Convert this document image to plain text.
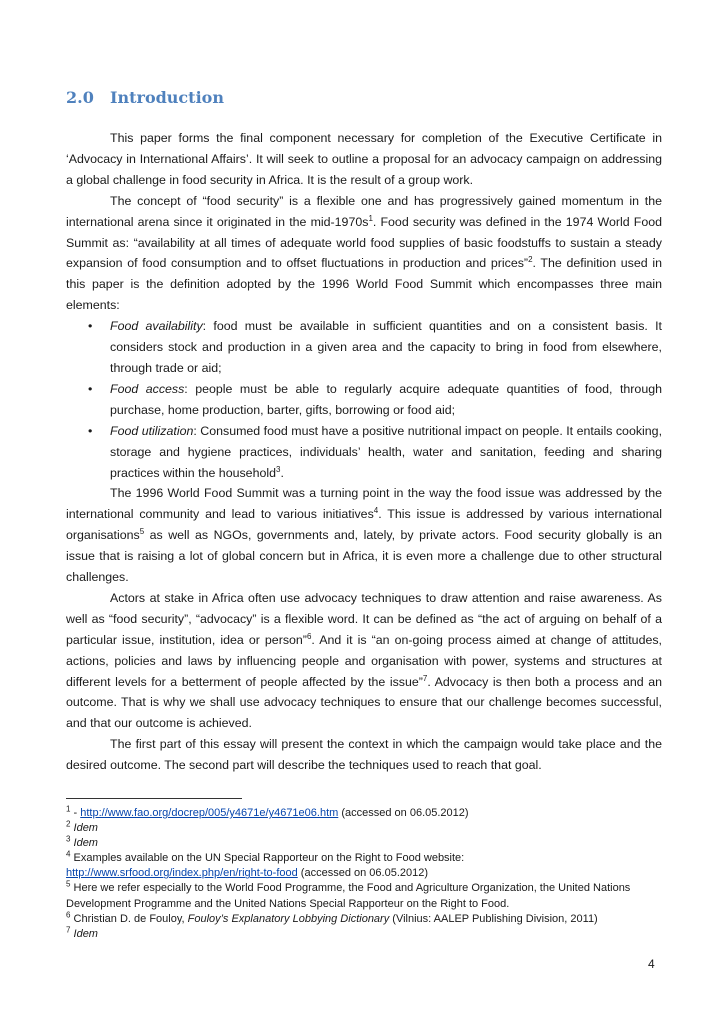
2.0 Introduction

This paper forms the final component necessary for completion of the Executive Certificate in ‘Advocacy in International Affairs’. It will seek to outline a proposal for an advocacy campaign on addressing a global challenge in food security in Africa. It is the result of a group work.

The concept of “food security” is a flexible one and has progressively gained momentum in the international arena since it originated in the mid-$1970s^1$. Food security was defined in the 1974 World Food Summit as: “availability at all times of adequate world food supplies of basic foodstuffs to sustain a steady expansion of food consumption and to offset fluctuations in production and prices”$^2$. The definition used in this paper is the definition adopted by the 1996 World Food Summit which encompasses three main elements:

• Food availability: food must be available in sufficient quantities and on a consistent basis. It considers stock and production in a given area and the capacity to bring in food from elsewhere, through trade or aid;
• Food access: people must be able to regularly acquire adequate quantities of food, through purchase, home production, barter, gifts, borrowing or food aid;
• Food utilization: Consumed food must have a positive nutritional impact on people. It entails cooking, storage and hygiene practices, individuals’ health, water and sanitation, feeding and sharing practices within the household$^3$.

The 1996 World Food Summit was a turning point in the way the food issue was addressed by the international community and lead to various initiatives$^4$. This issue is addressed by various international organisations$^5$ as well as NGOs, governments and, lately, by private actors. Food security globally is an issue that is raising a lot of global concern but in Africa, it is even more a challenge due to other structural challenges.

Actors at stake in Africa often use advocacy techniques to draw attention and raise awareness. As well as “food security”, “advocacy” is a flexible word. It can be defined as “the act of arguing on behalf of a particular issue, institution, idea or person”$^6$. And it is “an on-going process aimed at change of attitudes, actions, policies and laws by influencing people and organisation with power, systems and structures at different levels for a betterment of people affected by the issue”$^7$. Advocacy is then both a process and an outcome. That is why we shall use advocacy techniques to ensure that our challenge becomes successful, and that our outcome is achieved.

The first part of this essay will present the context in which the campaign would take place and the desired outcome. The second part will describe the techniques used to reach that goal.

$^1$ - http://www.fao.org/docrep/005/y4671e/y4671e06.htm (accessed on 06.05.2012)
$^2$ Idem
$^3$ Idem
$^4$ Examples available on the UN Special Rapporteur on the Right to Food website:
http://www.srfood.org/index.php/en/right-to-food (accessed on 06.05.2012)
$^5$ Here we refer especially to the World Food Programme, the Food and Agriculture Organization, the United Nations Development Programme and the United Nations Special Rapporteur on the Right to Food.
$^6$ Christian D. de Fouloy, Fouloy’s Explanatory Lobbying Dictionary (Vilnius: AALEP Publishing Division, 2011)
$^7$ Idem
4
